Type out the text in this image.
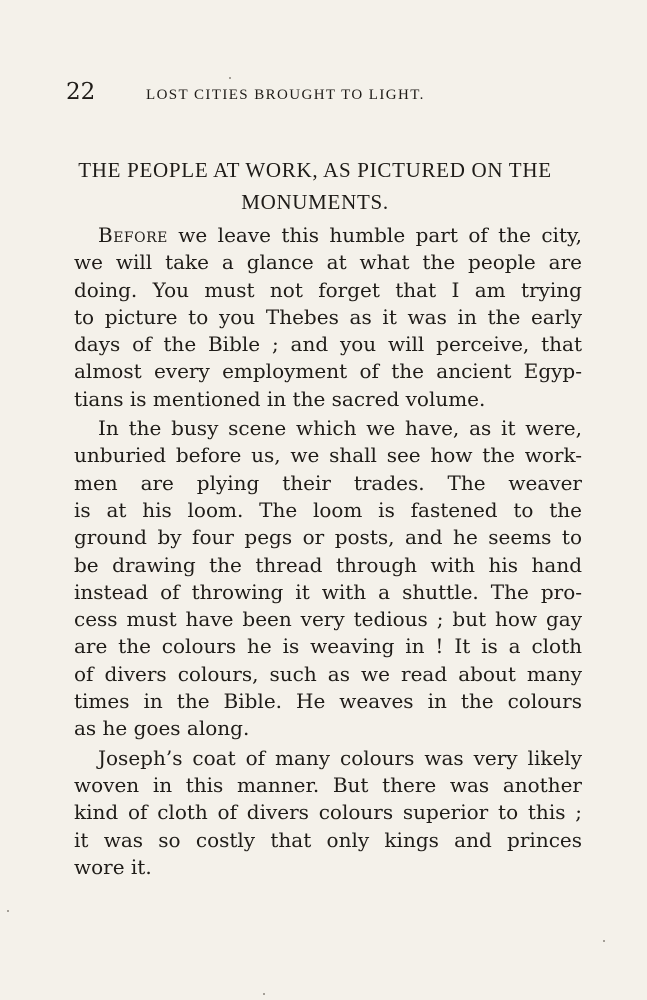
22	LOST CITIES BROUGHT TO LIGHT.
THE PEOPLE AT WORK, AS PICTURED ON THE
MONUMENTS.
Before we leave this humble part of the city,
we will take a glance at what the people are
doing. You must not forget that I am trying
to picture to you Thebes as it was in the early
days of the Bible ; and you will perceive, that
almost every employment of the ancient Egyp-
tians is mentioned in the sacred volume.
In the busy scene which we have, as it were,
unburied before us, we shall see how the work-
men are plying their trades. The weaver
is at his loom. The loom is fastened to the
ground by four pegs or posts, and he seems to
be drawing the thread through with his hand
instead of throwing it with a shuttle. The pro-
cess must have been very tedious ; but how gay
are the colours he is weaving in ! It is a cloth
of divers colours, such as we read about many
times in the Bible. He weaves in the colours
as he goes along.
Joseph’s coat of many colours was very likely
woven in this manner. But there was another
kind of cloth of divers colours superior to this ;
it was so costly that only kings and princes
wore it.
